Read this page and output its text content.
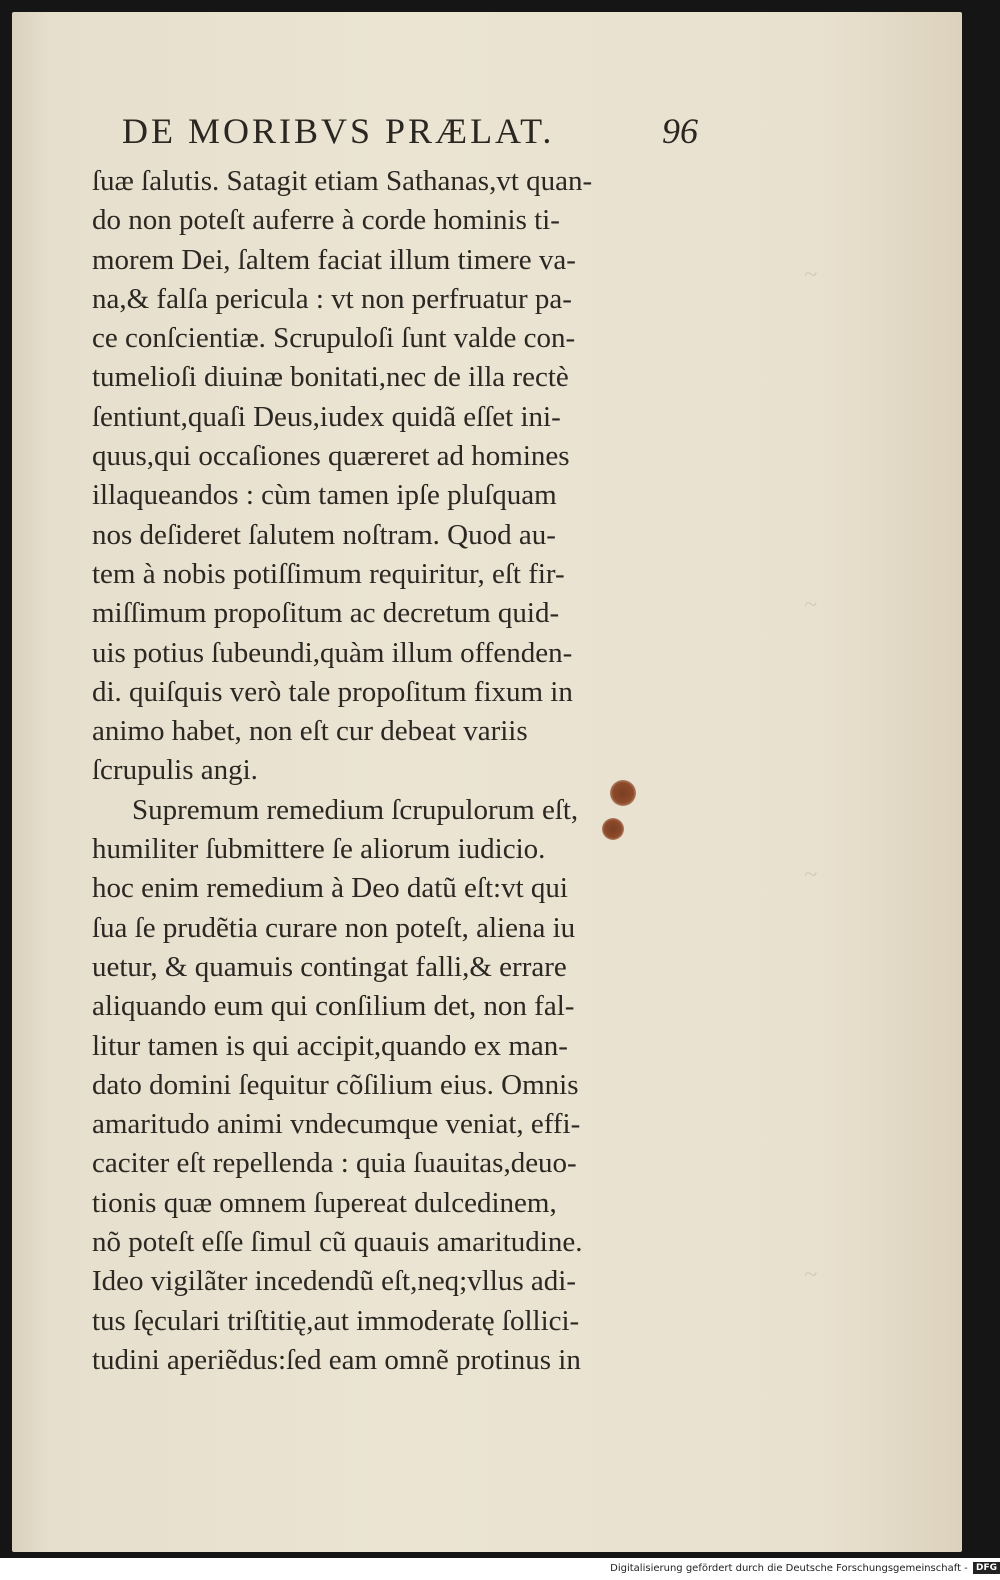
~
~
~
~
DE MORIBVS PRÆLAT.	96
ſuæ ſalutis. Satagit etiam Sathanas,vt quan-
do non poteſt auferre à corde hominis ti-
morem Dei, ſaltem faciat illum timere va-
na,& falſa pericula : vt non perfruatur pa-
ce conſcientiæ. Scrupuloſi ſunt valde con-
tumelioſi diuinæ bonitati,nec de illa rectè
ſentiunt,quaſi Deus,iudex quidã eſſet ini-
quus,qui occaſiones quæreret ad homines
illaqueandos : cùm tamen ipſe pluſquam
nos deſideret ſalutem noſtram. Quod au-
tem à nobis potiſſimum requiritur, eſt fir-
miſſimum propoſitum ac decretum quid-
uis potius ſubeundi,quàm illum offenden-
di. quiſquis verò tale propoſitum fixum in
animo habet, non eſt cur debeat variis
ſcrupulis angi.
Supremum remedium ſcrupulorum eſt,
humiliter ſubmittere ſe aliorum iudicio.
hoc enim remedium à Deo datũ eſt:vt qui
ſua ſe prudẽtia curare non poteſt, aliena iu
uetur, & quamuis contingat falli,& errare
aliquando eum qui conſilium det, non fal-
litur tamen is qui accipit,quando ex man-
dato domini ſequitur cõſilium eius. Omnis
amaritudo animi vndecumque veniat, effi-
caciter eſt repellenda : quia ſuauitas,deuo-
tionis quæ omnem ſupereat dulcedinem,
nõ poteſt eſſe ſimul cũ quauis amaritudine.
Ideo vigilãter incedendũ eſt,neq;vllus adi-
tus ſęculari triſtitię,aut immoderatę ſollici-
tudini aperiẽdus:ſed eam omnẽ protinus in
Digitalisierung gefördert durch die Deutsche Forschungsgemeinschaft - DFG
